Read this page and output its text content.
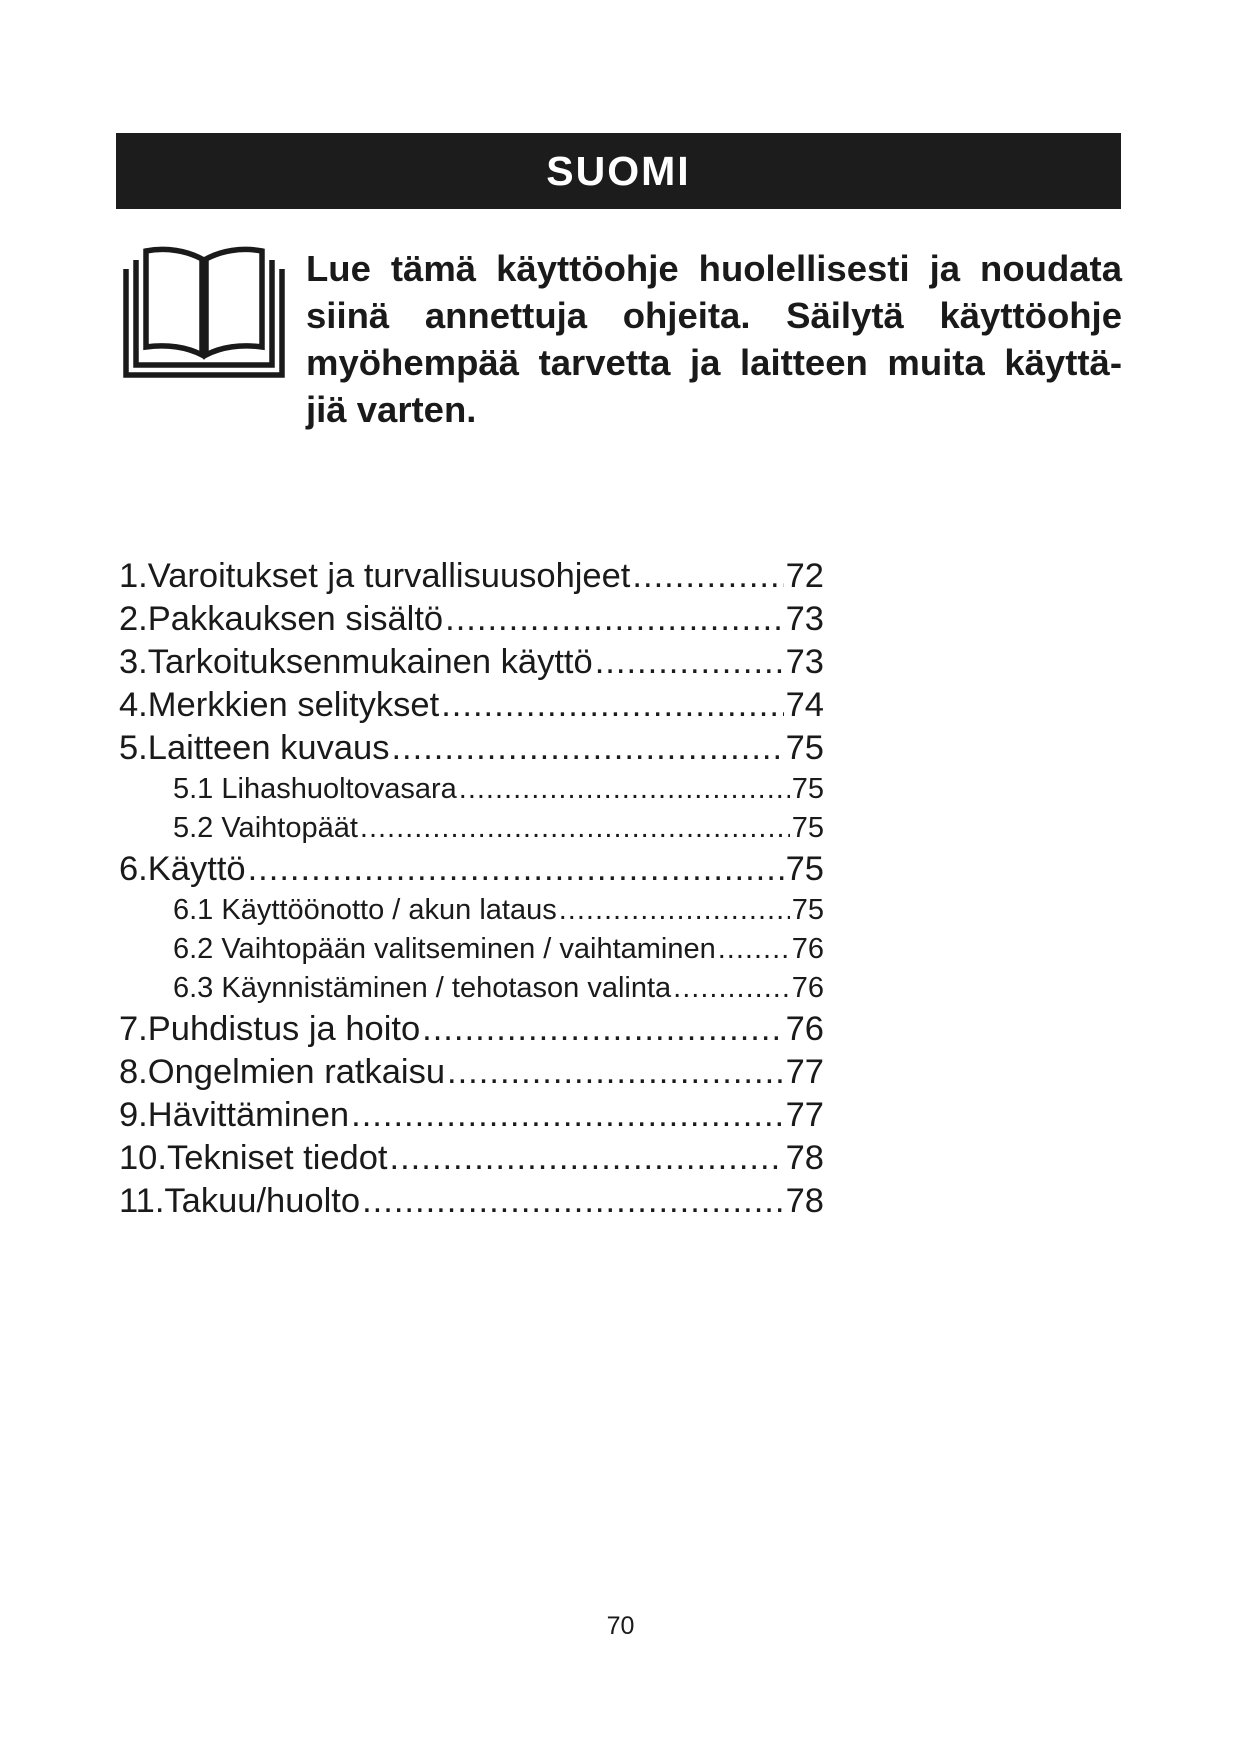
SUOMI
Lue tämä käyttöohje huolellisesti ja noudata
siinä annettuja ohjeita. Säilytä käyttöohje
myöhempää tarvetta ja laitteen muita käyttä-
jiä varten.
1. Varoitukset ja turvallisuusohjeet .....	72
2. Pakkauksen sisältö .....	73
3. Tarkoituksenmukainen käyttö .....	73
4. Merkkien selitykset .....	74
5. Laitteen kuvaus .....	75
5.1 Lihashuoltovasara .....	75
5.2 Vaihtopäät .....	75
6. Käyttö .....	75
6.1 Käyttöönotto / akun lataus .....	75
6.2 Vaihtopään valitseminen / vaihtaminen .....	76
6.3 Käynnistäminen / tehotason valinta .....	76
7. Puhdistus ja hoito .....	76
8. Ongelmien ratkaisu .....	77
9. Hävittäminen .....	77
10. Tekniset tiedot .....	78
11. Takuu/huolto .....	78
70
